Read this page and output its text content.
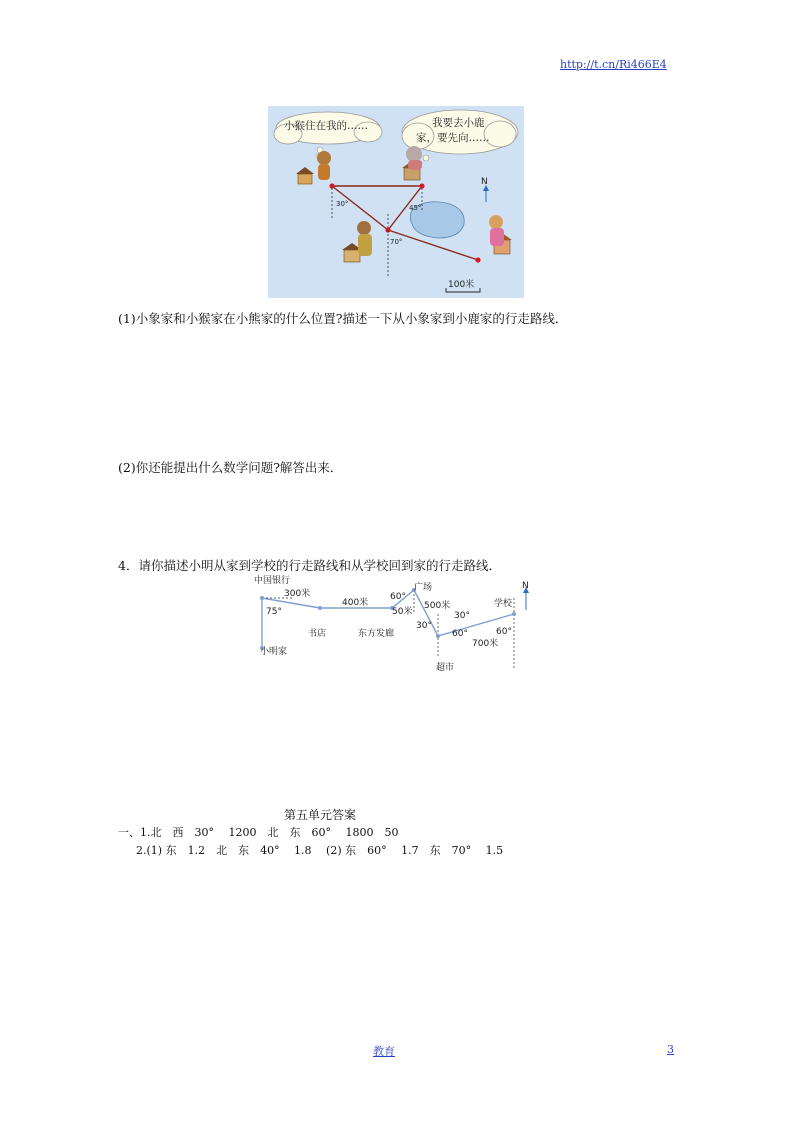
http://t.cn/Ri466E4
小猴住在我的……	我要去小鹿
家，要先向……
30°	45°
70°
N
100米
(1)小象家和小猴家在小熊家的什么位置?描述一下从小象家到小鹿家的行走路线．
(2)你还能提出什么数学问题?解答出来．
4．请你描述小明从家到学校的行走路线和从学校回到家的行走路线．
中国银行
300米
75°
小明家
书店
400米
60°
广场
50米
东方发廊
500米
30°
30°
60°
超市
700米
60°
学校
N
第五单元答案
一、1.北　西　30°　 1200　北　东　60°　 1800　50
2.(1) 东　1.2　北　东　40°　 1.8　 (2) 东　60°　 1.7　东　70°　 1.5
教育	3
